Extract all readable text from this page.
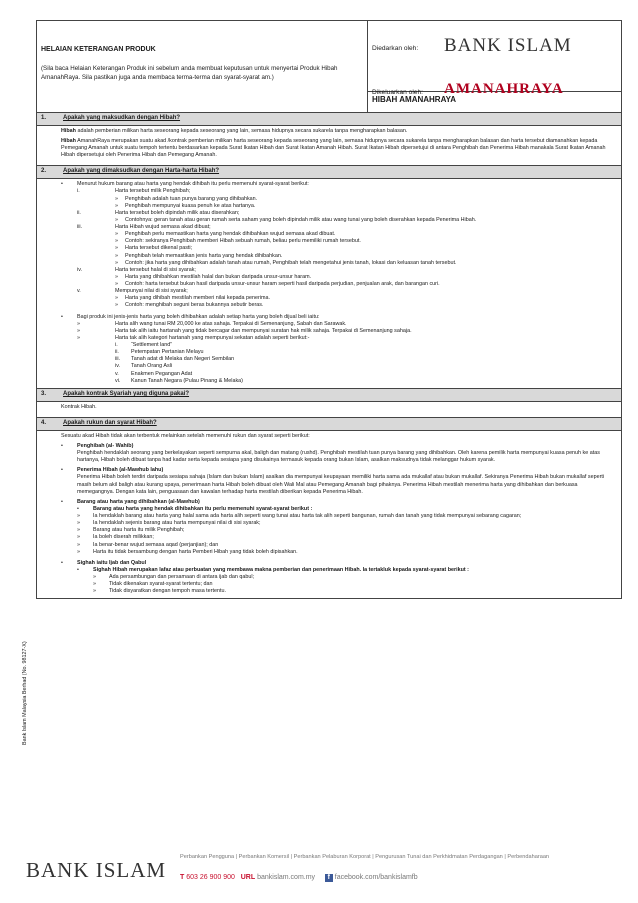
HELAIAN KETERANGAN PRODUK
(Sila baca Helaian Keterangan Produk ini sebelum anda membuat keputusan untuk menyertai Produk Hibah AmanahRaya. Sila pastikan juga anda membaca terma-terma dan syarat-syarat am.)

Diedarkan oleh: BANK ISLAM
Dikeluarkan oleh: AMANAHRAYA

HIBAH AMANAHRAYA
1.	Apakah yang maksudkan dengan Hibah?

Hibah adalah pemberian milikan harta seseorang kepada seseorang yang lain, semasa hidupnya secara sukarela tanpa mengharapkan balasan.

Hibah AmanahRaya merupakan suatu akad /kontrak pemberian milikan harta seseorang kepada seseorang yang lain, semasa hidupnya secara sukarela tanpa mengharapkan balasan dan harta tersebut diamanahkan kepada Pemegang Amanah untuk suatu tempoh tertentu berdasarkan kepada Surat Ikatan Hibah dan Surat Ikatan Amanah Hibah. Surat Ikatan Hibah dipersetujui di antara Penghibah dan Penerima Hibah manakala Surat Ikatan Amanah Hibah dipersetujui oleh Penerima Hibah dan Pemegang Amanah.

2.	Apakah yang dimaksudkan dengan Harta-harta Hibah?
•	Menurut hukum barang atau harta yang hendak dihibah itu perlu memenuhi syarat-syarat berikut:
i.	Harta tersebut milik Penghibah;
»	Penghibah adalah tuan punya barang yang dihibahkan.
»	Penghibah mempunyai kuasa penuh ke atas hartanya.
ii.	Harta tersebut boleh dipindah milik atau diserahkan;
»	Contohnya: geran tanah atau geran rumah serta saham yang boleh dipindah milik atau wang tunai yang boleh diserahkan kepada Penerima Hibah.
iii.	Harta Hibah wujud semasa akad dibuat;
»	Penghibah perlu memastikan harta yang hendak dihibahkan wujud semasa akad dibuat.
»	Contoh: sekiranya Penghibah memberi Hibah sebuah rumah, beliau perlu memiliki rumah tersebut.
»	Harta tersebut dikenal pasti;
»	Penghibah telah memastikan jenis harta yang hendak dihibahkan.
»	Contoh: jika harta yang dihibahkan adalah tanah atau rumah, Penghibah telah mengetahui jenis tanah, lokasi dan keluasan tanah tersebut.
iv.	Harta tersebut halal di sisi syarak;
»	Harta yang dihibahkan mestilah halal dan bukan daripada unsur-unsur haram.
»	Contoh: harta tersebut bukan hasil daripada unsur-unsur haram seperti hasil daripada perjudian, penjualan arak, dan barangan curi.
v.	Mempunyai nilai di sisi syarak;
»	Harta yang dihibah mestilah memberi nilai kepada penerima.
»	Contoh: menghibah seguni beras bukannya sebutir beras.
•	Bagi produk ini jenis-jenis harta yang boleh dihibahkan adalah setiap harta yang boleh dijual beli iaitu:
»	Harta alih wang tunai RM 20,000 ke atas sahaja. Terpakai di Semenanjung, Sabah dan Sarawak.
»	Harta tak alih iaitu hartanah yang tidak bercagar dan mempunyai suratan hak milik sahaja. Terpakai di Semenanjung sahaja.
»	Harta tak alih kategori hartanah yang mempunyai sekatan adalah seperti berikut:-
i.	“Settlement land”
ii.	Petempatan Pertanian Melayu
iii.	Tanah adat di Melaka dan Negeri Sembilan
iv.	Tanah Orang Asli
v.	Enakmen Pegangan Adat
vi.	Kanun Tanah Negara (Pulau Pinang & Melaka)
3.	Apakah kontrak Syariah yang diguna pakai?

Kontrak Hibah.

4.	Apakah rukun dan syarat Hibah?

Sesuatu akad Hibah tidak akan terbentuk melainkan setelah memenuhi rukun dan syarat seperti berikut:

•	Penghibah (al- Wahib)

Penghibah hendaklah seorang yang berkelayakan seperti sempurna akal, baligh dan matang (rushd). Penghibah mestilah tuan punya barang yang dihibahkan. Oleh karena pemilik harta mempunyai kuasa penuh ke atas hartanya, Hibah boleh dibuat tanpa had kadar serta kepada sesiapa yang disukainya termasuk kepada orang bukan Islam, asalkan maksudnya tidak melanggar hukum syarak.

•	Penerima Hibah (al-Mawhub lahu)

Penerima Hibah boleh terdiri daripada sesiapa sahaja (Islam dan bukan Islam) asalkan dia mempunyai keupayaan memiliki harta sama ada mukallaf atau bukan mukallaf. Sekiranya Penerima Hibah bukan mukallaf seperti masih belum akil baligh atau kurang upaya, penerimaan harta Hibah boleh dibuat oleh Wali Mal atau Pemegang Amanah bagi pihaknya. Penerima Hibah mestilah menerima harta yang dihibahkan dan berkuasa memegangnya. Dengan kata lain, penguasaan dan kawalan terhadap harta mestilah diberikan kepada Penerima Hibah.

•	Barang atau harta yang dihibahkan (al-Mawhub)
•	Barang atau harta yang hendak dihibahkan itu perlu memenuhi syarat-syarat berikut :
»	Ia hendaklah barang atau harta yang halal sama ada harta alih seperti wang tunai atau harta tak alih seperti bangunan, rumah dan tanah yang tidak mempunyai sebarang cagaran;
»	Ia hendaklah sejenis barang atau harta mempunyai nilai di sisi syarak;
»	Barang atau harta itu milik Penghibah;
»	Ia boleh diserah milikkan;
»	Ia benar-benar wujud semasa aqad (perjanjian); dan
»	Harta itu tidak bersambung dengan harta Pemberi Hibah yang tidak boleh dipisahkan.
•	Sighah iaitu Ijab dan Qabul
•	Sighah Hibah merupakan lafaz atau perbuatan yang membawa makna pemberian dan penerimaan Hibah. Ia tertakluk kepada syarat-syarat berikut :
»	Ada persambungan dan persamaan di antara ijab dan qabul;
»	Tidak dikenakan syarat-syarat tertentu; dan
»	Tidak disyaratkan dengan tempoh masa tertentu.
Bank Islam Malaysia Berhad (No. 98127-X)
BANK ISLAM
Perbankan Pengguna | Perbankan Komersil | Perbankan Pelaburan Korporat | Pengurusan Tunai dan Perkhidmatan Perdagangan | Perbendaharaan
T 603 26 900 900 URL bankislam.com.my f facebook.com/bankislamfb
